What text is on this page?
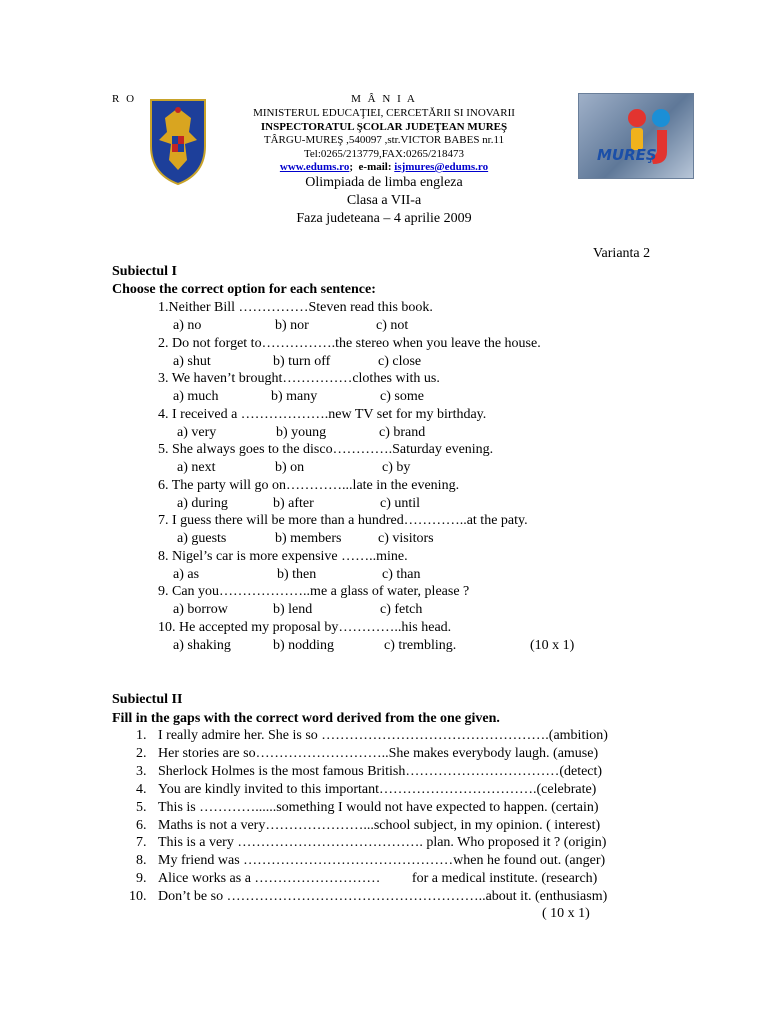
R O	M Â N I A
MINISTERUL EDUCAŢIEI, CERCETĂRII SI INOVARII
INSPECTORATUL ŞCOLAR JUDEŢEAN MUREŞ
TÂRGU-MUREŞ ,540097 ,str.VICTOR BABES nr.11
Tel:0265/213779,FAX:0265/218473
www.edums.ro;  e-mail: isjmures@edums.ro
MUREŞ
Olimpiada de limba engleza
Clasa a VII-a
Faza judeteana – 4 aprilie 2009
Varianta 2
Subiectul I
Choose the correct option for each sentence:
1.Neither Bill ……………Steven read this book.
a) no	b) nor	c) not
2. Do not forget to…………….the stereo when you leave the house.
a) shut	b) turn off	c) close
3. We haven’t brought……………clothes with us.
a) much	b) many	c) some
4. I received a ……………….new TV set for my birthday.
a) very	b) young	c) brand
5. She always goes to the disco………….Saturday evening.
a) next	b) on	c) by
6. The party will go on…………...late in the evening.
a) during	b) after	c) until
7. I guess there will be more than a hundred…………..at the paty.
a) guests	b) members	c) visitors
8. Nigel’s car is more expensive ……..mine.
a) as	b) then	c) than
9. Can you………………..me a glass of water, please ?
a) borrow	b) lend	c) fetch
10. He accepted my proposal by…………..his head.
a) shaking	b) nodding	c) trembling.	(10 x 1)
Subiectul II
Fill in the gaps with the correct word derived from the one given.
1. I really admire her. She is so ………………………………………….(ambition)
2. Her stories are so………………………..She makes everybody laugh. (amuse)
3. Sherlock Holmes is the most famous British……………………………(detect)
4. You are kindly invited to this important…………………………….(celebrate)
5. This is …………......something I would not have expected to happen. (certain)
6. Maths is not a very…………………...school subject, in my opinion. ( interest)
7. This is a very …………………………………. plan. Who proposed it ? (origin)
8. My friend was ………………………………………when he found out. (anger)
9. Alice works as a ………………………         for a medical institute. (research)
10. Don’t be so ………………………………………………..about it. (enthusiasm)
( 10 x 1)
